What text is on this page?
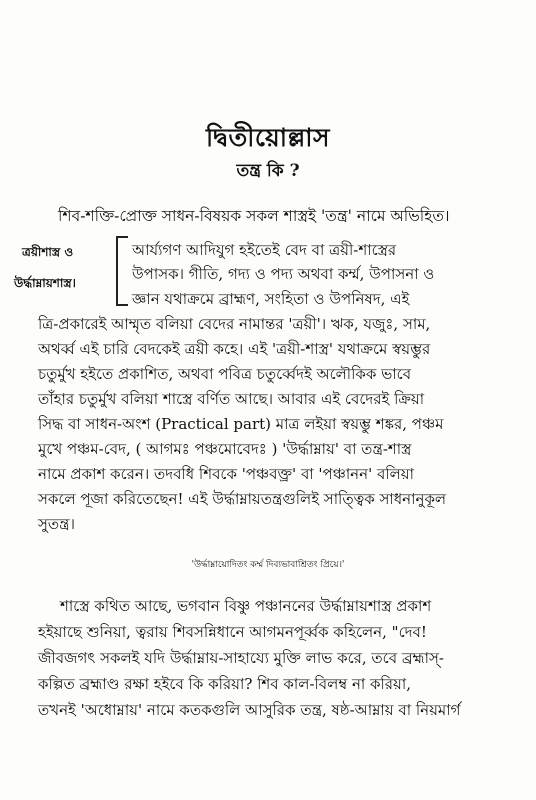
দ্বিতীয়োল্লাস
তন্ত্র কি ?
ত্রয়ীশাস্ত্র ও
উর্দ্ধাম্নায়শাস্ত্র।
শিব-শক্তি-প্রোক্ত সাধন-বিষয়ক সকল শাস্ত্রই 'তন্ত্র' নামে অভিহিত।
আর্য্যগণ আদিযুগ হইতেই বেদ বা ত্রয়ী-শাস্ত্রের
উপাসক। গীতি, গদ্য ও পদ্য অথবা কর্ম্ম, উপাসনা ও
জ্ঞান যথাক্রমে ব্রাহ্মণ, সংহিতা ও উপনিষদ, এই
ত্রি-প্রকারেই আম্মৃত বলিয়া বেদের নামান্তর 'ত্রয়ী'। ঋক, যজুঃ, সাম,
অথর্ব্ব এই চারি বেদকেই ত্রয়ী কহে। এই 'ত্রয়ী-শাস্ত্র' যথাক্রমে স্বয়ম্ভুর
চতুর্মুখ হইতে প্রকাশিত, অথবা পবিত্র চতুর্ব্বেদই অলৌকিক ভাবে
তাঁহার চতুর্মুখ বলিয়া শাস্ত্রে বর্ণিত আছে। আবার এই বেদেরই ক্রিয়া
সিদ্ধ বা সাধন-অংশ (Practical part) মাত্র লইয়া স্বয়ম্ভু শঙ্কর, পঞ্চম
মুখে পঞ্চম-বেদ, ( আগমঃ পঞ্চমোবেদঃ ) 'উর্দ্ধাম্নায়' বা তন্ত্র-শাস্ত্র
নামে প্রকাশ করেন। তদবধি শিবকে 'পঞ্চবক্ত্র' বা 'পঞ্চানন' বলিয়া
সকলে পূজা করিতেছেন! এই উর্দ্ধাম্নায়তন্ত্রগুলিই সাত্ত্বিক সাধনানুকূল
সুতন্ত্র।
'উর্দ্ধাম্নায়োদিতং কর্ম্ম দিব্যভাবাশ্রিতং প্রিয়ে।'
শাস্ত্রে কথিত আছে, ভগবান বিষ্ণু পঞ্চাননের উর্দ্ধাম্নায়শাস্ত্র প্রকাশ
হইয়াছে শুনিয়া, ত্বরায় শিবসন্নিধানে আগমনপূর্ব্বক কহিলেন, "দেব!
জীবজগৎ সকলই যদি উর্দ্ধাম্নায়-সাহায্যে মুক্তি লাভ করে, তবে ব্রহ্মাস্-
কল্পিত ব্রহ্মাণ্ড রক্ষা হইবে কি করিয়া? শিব কাল-বিলম্ব না করিয়া,
তখনই 'অধোম্নায়' নামে কতকগুলি আসুরিক তন্ত্র, ষষ্ঠ-আম্নায় বা নিয়মার্গ
